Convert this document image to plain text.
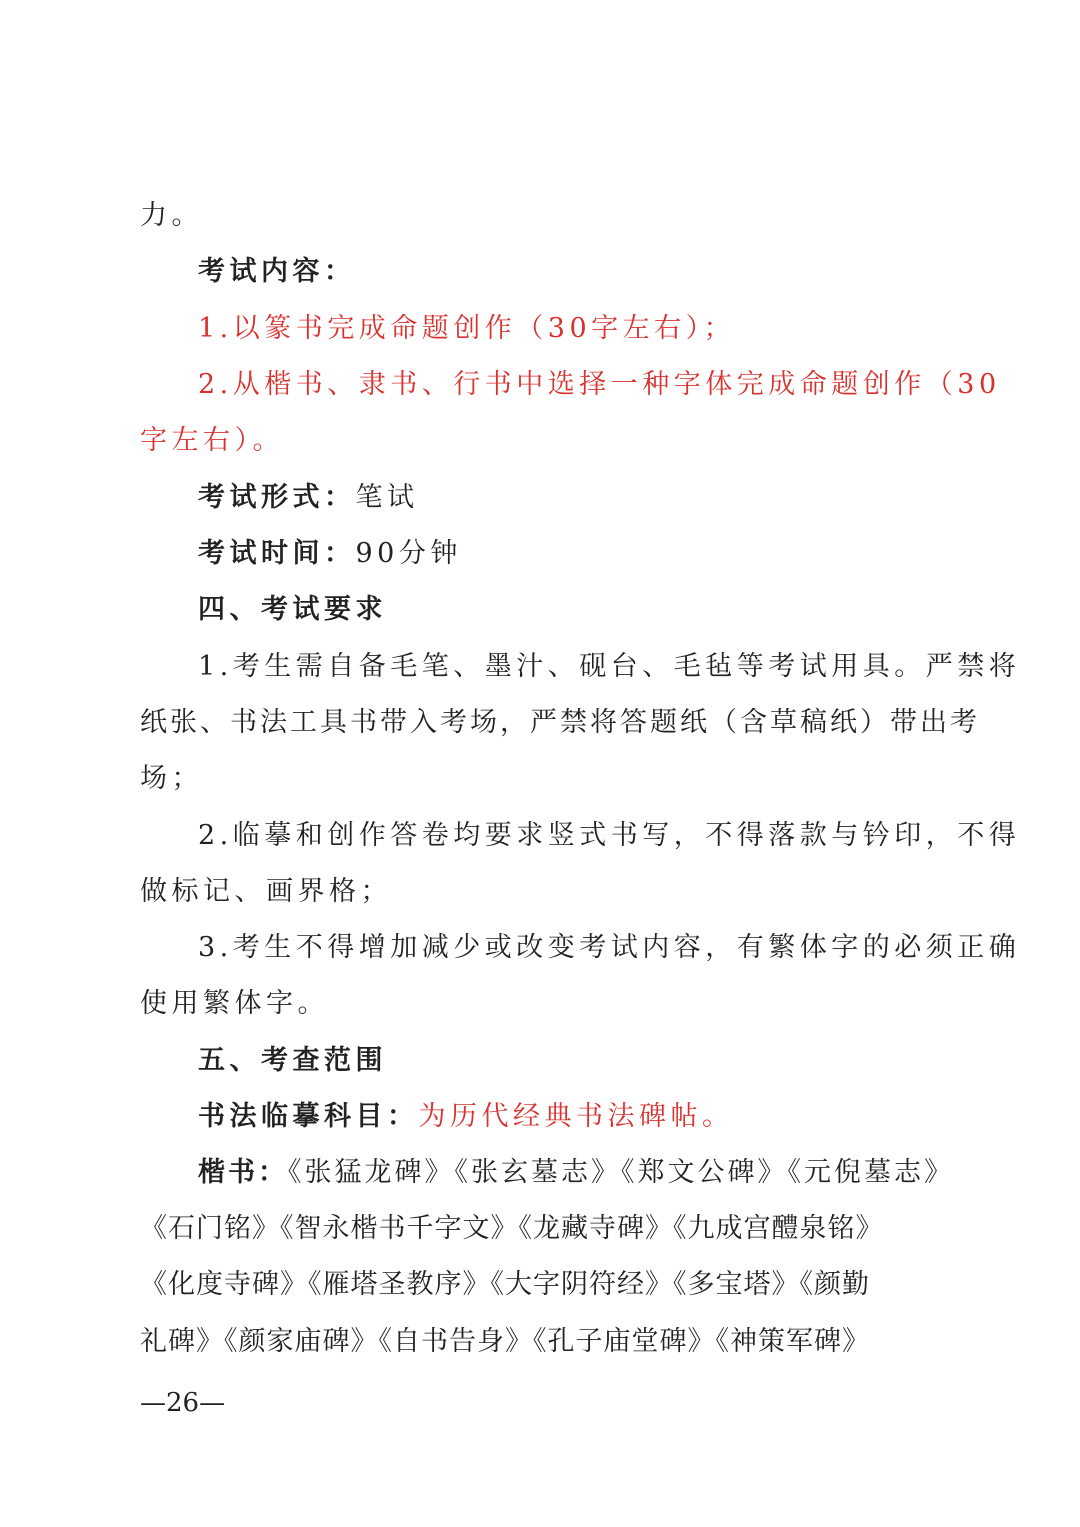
力。
考试内容：
1.以篆书完成命题创作（30字左右）；
2.从楷书、隶书、行书中选择一种字体完成命题创作（30
字左右）。
考试形式：笔试
考试时间：90分钟
四、考试要求
1.考生需自备毛笔、墨汁、砚台、毛毡等考试用具。严禁将
纸张、书法工具书带入考场，严禁将答题纸（含草稿纸）带出考
场；
2.临摹和创作答卷均要求竖式书写，不得落款与钤印，不得
做标记、画界格；
3.考生不得增加减少或改变考试内容，有繁体字的必须正确
使用繁体字。
五、考查范围
书法临摹科目：为历代经典书法碑帖。
楷书：《张猛龙碑》《张玄墓志》《郑文公碑》《元倪墓志》
《石门铭》《智永楷书千字文》《龙藏寺碑》《九成宫醴泉铭》
《化度寺碑》《雁塔圣教序》《大字阴符经》《多宝塔》《颜勤
礼碑》《颜家庙碑》《自书告身》《孔子庙堂碑》《神策军碑》
—26—
